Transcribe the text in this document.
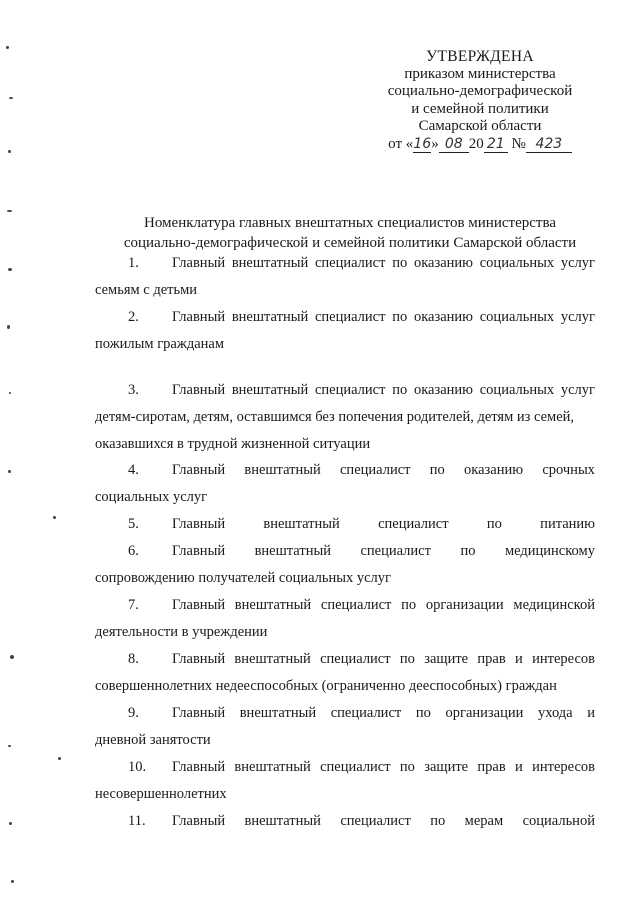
УТВЕРЖДЕНА
приказом министерства
социально-демографической
и семейной политики
Самарской области
от «16» 08 20 21 № 423
Номенклатура главных внештатных специалистов министерства
социально-демографической и семейной политики Самарской области
1.	Главный внештатный специалист по оказанию социальных услуг
семьям с детьми
2.	Главный внештатный специалист по оказанию социальных услуг
пожилым гражданам
3.	Главный внештатный специалист по оказанию социальных услуг
детям-сиротам, детям, оставшимся без попечения родителей, детям из семей,
оказавшихся в трудной жизненной ситуации
4.	Главный внештатный специалист по оказанию срочных
социальных услуг
5.	Главный внештатный специалист по питанию
6.	Главный внештатный специалист по медицинскому
сопровождению получателей социальных услуг
7.	Главный внештатный специалист по организации медицинской
деятельности в учреждении
8.	Главный внештатный специалист по защите прав и интересов
совершеннолетних недееспособных (ограниченно дееспособных) граждан
9.	Главный внештатный специалист по организации ухода и
дневной занятости
10.	Главный внештатный специалист по защите прав и интересов
несовершеннолетних
11.	Главный внештатный специалист по мерам социальной
